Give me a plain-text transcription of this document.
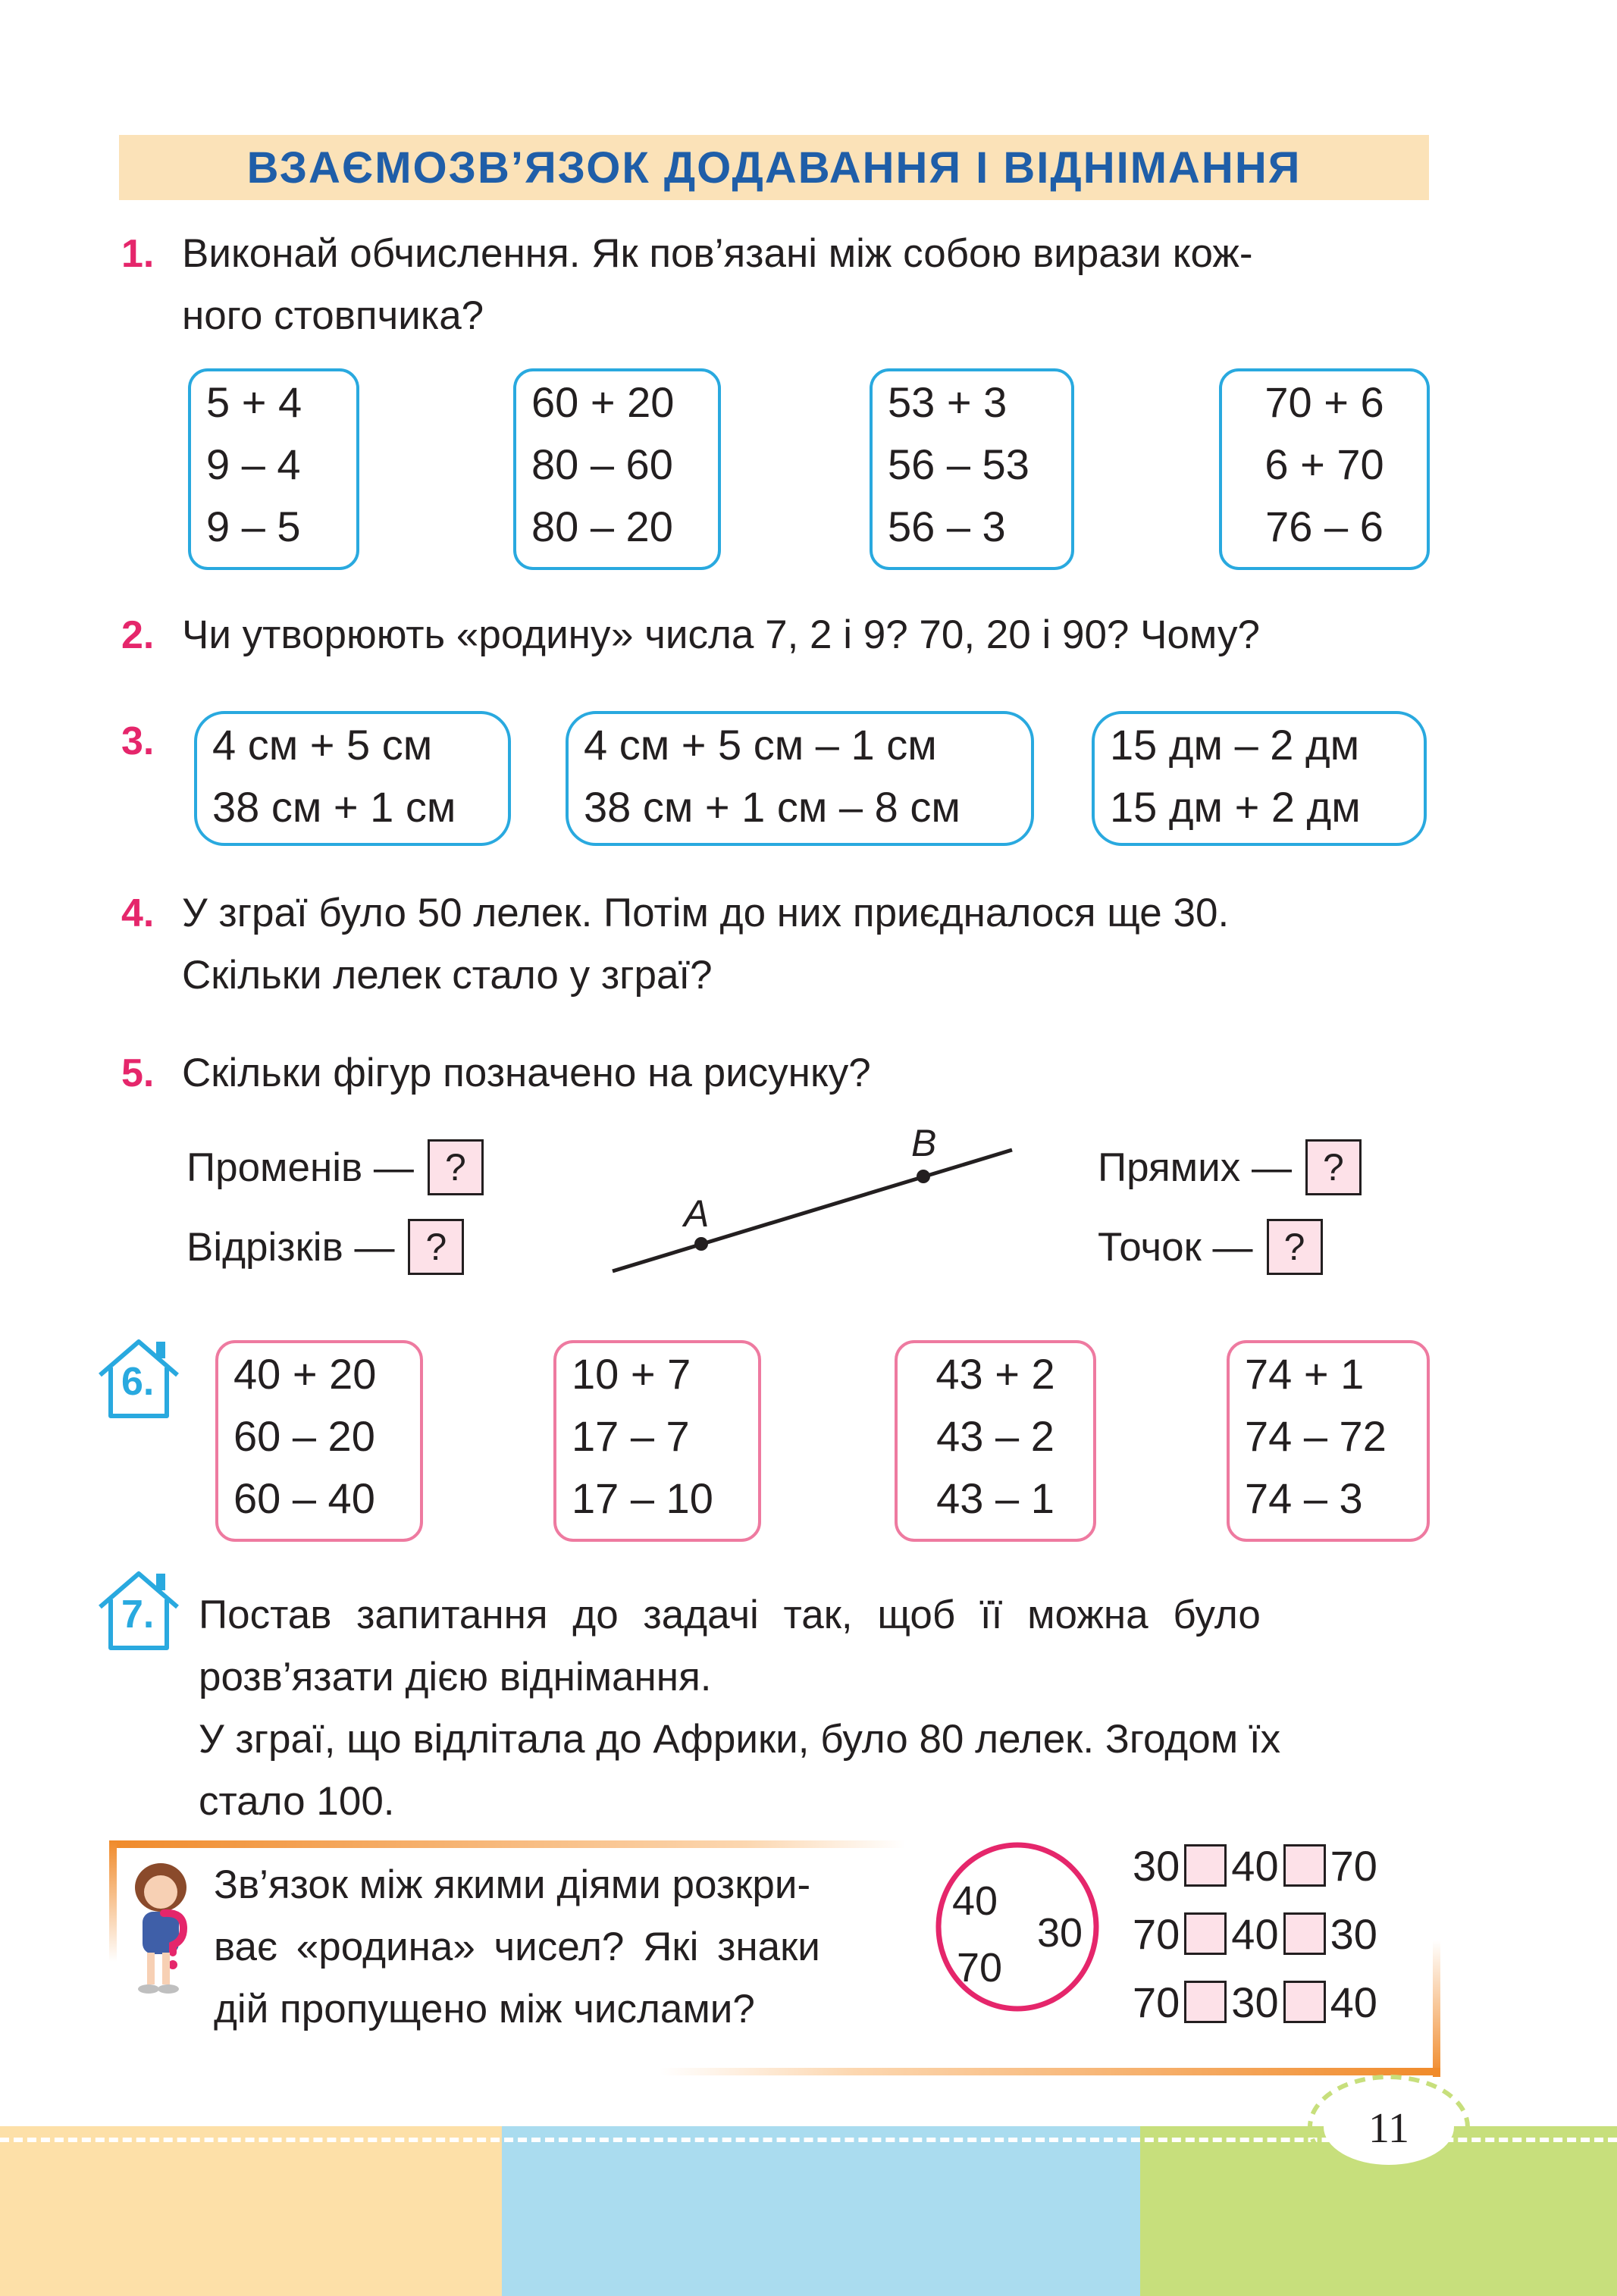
ВЗАЄМОЗВ’ЯЗОК ДОДАВАННЯ І ВІДНІМАННЯ
1. Виконай обчислення. Як пов’язані між собою вирази кож-
ного стовпчика?
5 + 4
9 – 4
9 – 5
60 + 20
80 – 60
80 – 20
53 + 3
56 – 53
56 – 3
70 + 6
6 + 70
76 – 6
2. Чи утворюють «родину» числа 7, 2 і 9? 70, 20 і 90? Чому?
3. 4 см + 5 см
38 см + 1 см
4 см + 5 см – 1 см
38 см + 1 см – 8 см
15 дм – 2 дм
15 дм + 2 дм
4. У зграї було 50 лелек. Потім до них приєдналося ще 30.
Скільки лелек стало у зграї?
5. Скільки фігур позначено на рисунку?
Променів — ?
Відрізків — ?
Прямих — ?
Точок — ?
A
B
6. 40 + 20
60 – 20
60 – 40
10 + 7
17 – 7
17 – 10
43 + 2
43 – 2
43 – 1
74 + 1
74 – 72
74 – 3
7. Постав запитання до задачі так, щоб її можна було
розв’язати дією віднімання.
У зграї, що відлітала до Африки, було 80 лелек. Згодом їх
стало 100.
Зв’язок між якими діями розкри-
ває «родина» чисел? Які знаки
дій пропущено між числами?
40
30
70
30 40 70
70 40 30
70 30 40
11
